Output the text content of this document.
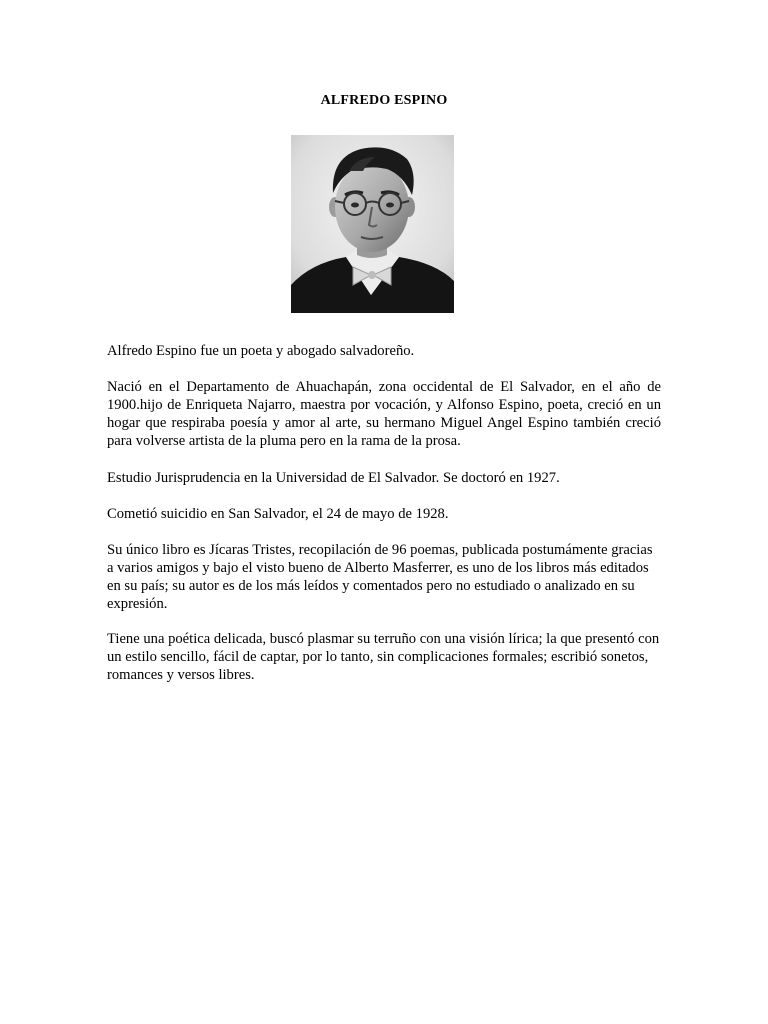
ALFREDO ESPINO

Alfredo Espino fue un poeta y abogado salvadoreño.

Nació en el Departamento de Ahuachapán, zona occidental de El Salvador, en el año de 1900.hijo de Enriqueta Najarro, maestra por vocación, y Alfonso Espino, poeta, creció en un hogar que respiraba poesía y amor al arte, su hermano Miguel Angel Espino también creció para volverse artista de la pluma pero en la rama de la prosa.

Estudio Jurisprudencia en la Universidad de El Salvador. Se doctoró en 1927.

Cometió suicidio en San Salvador, el 24 de mayo de 1928.

Su único libro es Jícaras Tristes, recopilación de 96 poemas, publicada postumámente gracias a varios amigos y bajo el visto bueno de Alberto Masferrer, es uno de los libros más editados en su país; su autor es de los más leídos y comentados pero no estudiado o analizado en su expresión.

Tiene una poética delicada, buscó plasmar su terruño con una visión lírica; la que presentó con un estilo sencillo, fácil de captar, por lo tanto, sin complicaciones formales; escribió sonetos, romances y versos libres.
